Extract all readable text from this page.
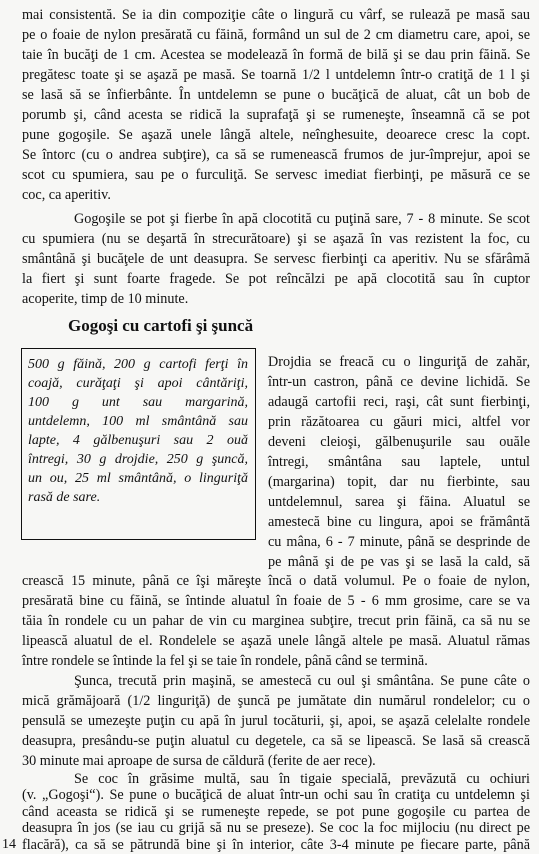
mai consistentă. Se ia din compoziţie câte o lingură cu vârf, se rulează pe masă sau
pe o foaie de nylon presărată cu făină, formând un sul de 2 cm diametru care, apoi, se
taie în bucăţi de 1 cm. Acestea se modelează în formă de bilă şi se dau prin făină. Se
pregătesc toate şi se aşază pe masă. Se toarnă 1/2 l untdelemn într-o cratiţă de 1 l şi
se lasă să se înfierbânte. În untdelemn se pune o bucăţică de aluat, cât un bob de
porumb şi, când acesta se ridică la suprafaţă şi se rumeneşte, înseamnă că se pot
pune gogoşile. Se aşază unele lângă altele, neînghesuite, deoarece cresc la copt.
Se întorc (cu o andrea subţire), ca să se rumenească frumos de jur-împrejur, apoi se
scot cu spumiera, sau pe o furculiţă. Se servesc imediat fierbinţi, pe măsură ce se
coc, ca aperitiv.
Gogoşile se pot şi fierbe în apă clocotită cu puţină sare, 7 - 8 minute. Se scot
cu spumiera (nu se deşartă în strecurătoare) şi se aşază în vas rezistent la foc, cu
smântână şi bucăţele de unt deasupra. Se servesc fierbinţi ca aperitiv. Nu se sfărâmă
la fiert şi sunt foarte fragede. Se pot reîncălzi pe apă clocotită sau în cuptor
acoperite, timp de 10 minute.
Gogoşi cu cartofi şi şuncă
500 g făină, 200 g cartofi ferţi în
coajă, curăţaţi şi apoi cântăriţi,
100 g unt sau margarină,
untdelemn, 100 ml smântână sau
lapte, 4 gălbenuşuri sau 2 ouă
întregi, 30 g drojdie, 250 g şuncă,
un ou, 25 ml smântână, o linguriţă
rasă de sare.
Drojdia se freacă cu o linguriţă de zahăr,
într-un castron, până ce devine lichidă. Se
adaugă cartofii reci, raşi, cât sunt fierbinţi,
prin răzătoarea cu găuri mici, altfel vor
deveni cleioşi, gălbenuşurile sau ouăle
întregi, smântâna sau laptele, untul
(margarina) topit, dar nu fierbinte, sau
untdelemnul, sarea şi făina. Aluatul se
amestecă bine cu lingura, apoi se frământă
cu mâna, 6 - 7 minute, până se desprinde de
pe mână şi de pe vas şi se lasă la cald, să
crească 15 minute, până ce îşi măreşte încă o dată volumul. Pe o foaie de nylon,
presărată bine cu făină, se întinde aluatul în foaie de 5 - 6 mm grosime, care se va
tăia în rondele cu un pahar de vin cu marginea subţire, trecut prin făină, ca să nu se
lipească aluatul de el. Rondelele se aşază unele lângă altele pe masă. Aluatul rămas
între rondele se întinde la fel şi se taie în rondele, până când se termină.
Şunca, trecută prin maşină, se amestecă cu oul şi smântâna. Se pune câte o
mică grămăjoară (1/2 linguriţă) de şuncă pe jumătate din numărul rondelelor; cu o
pensulă se umezeşte puţin cu apă în jurul tocăturii, şi, apoi, se aşază celelalte rondele
deasupra, presându-se puţin aluatul cu degetele, ca să se lipească. Se lasă să crească
30 minute mai aproape de sursa de căldură (ferite de aer rece).
Se coc în grăsime multă, sau în tigaie specială, prevăzută cu ochiuri
(v. „Gogoşi“). Se pune o bucăţică de aluat într-un ochi sau în cratiţa cu untdelemn şi
când aceasta se ridică şi se rumeneşte repede, se pot pune gogoşile cu partea de
deasupra în jos (se iau cu grijă să nu se preseze). Se coc la foc mijlociu (nu direct pe
flacără), ca să se pătrundă bine şi în interior, câte 3-4 minute pe fiecare parte, până
14
